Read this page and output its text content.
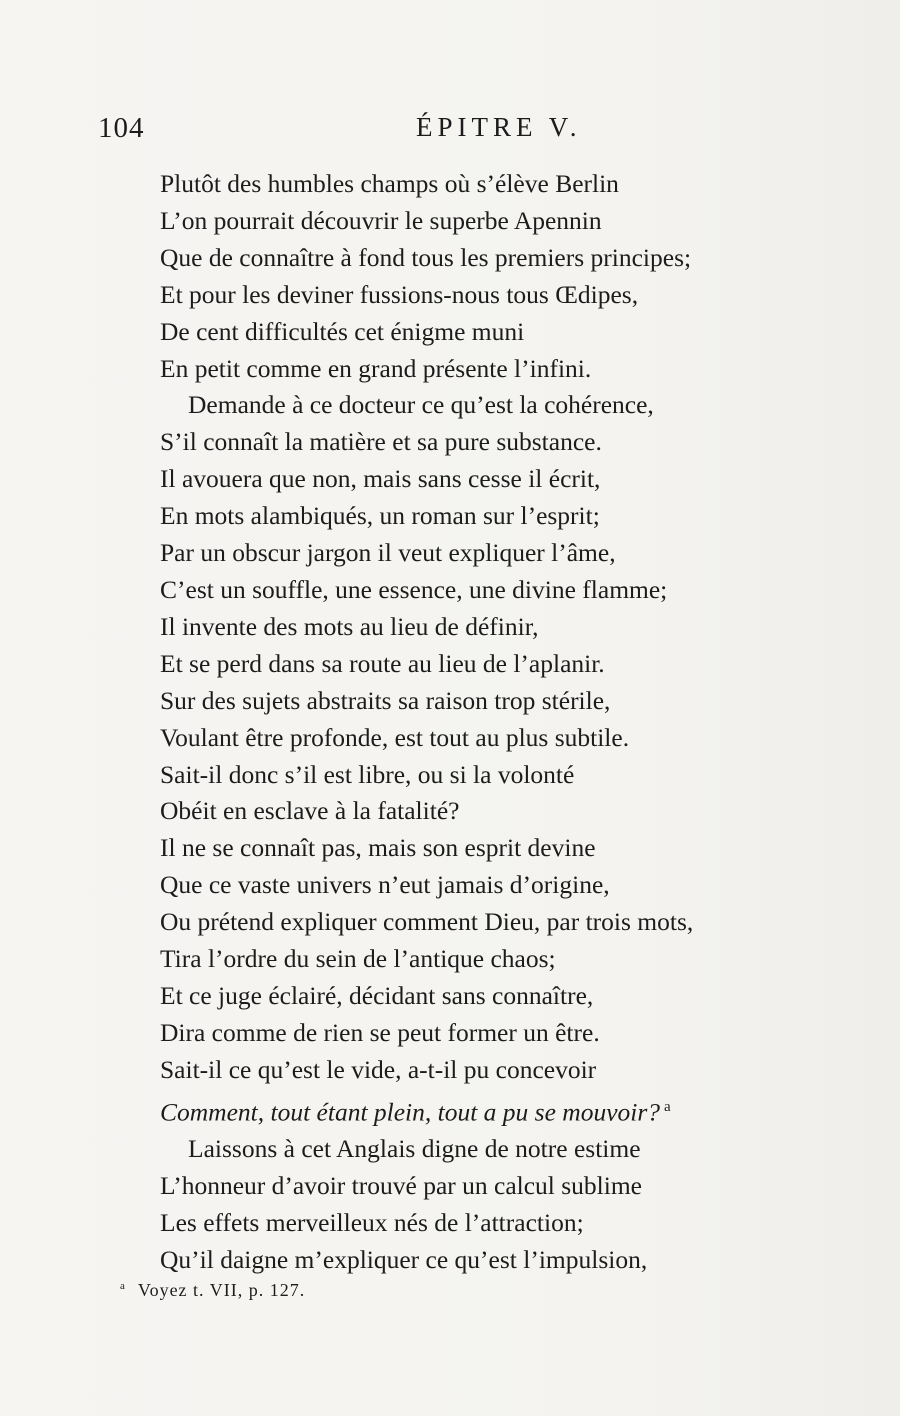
104	ÉPITRE V.
Plutôt des humbles champs où s’élève Berlin
L’on pourrait découvrir le superbe Apennin
Que de connaître à fond tous les premiers principes;
Et pour les deviner fussions-nous tous Œdipes,
De cent difficultés cet énigme muni
En petit comme en grand présente l’infini.
Demande à ce docteur ce qu’est la cohérence,
S’il connaît la matière et sa pure substance.
Il avouera que non, mais sans cesse il écrit,
En mots alambiqués, un roman sur l’esprit;
Par un obscur jargon il veut expliquer l’âme,
C’est un souffle, une essence, une divine flamme;
Il invente des mots au lieu de définir,
Et se perd dans sa route au lieu de l’aplanir.
Sur des sujets abstraits sa raison trop stérile,
Voulant être profonde, est tout au plus subtile.
Sait-il donc s’il est libre, ou si la volonté
Obéit en esclave à la fatalité?
Il ne se connaît pas, mais son esprit devine
Que ce vaste univers n’eut jamais d’origine,
Ou prétend expliquer comment Dieu, par trois mots,
Tira l’ordre du sein de l’antique chaos;
Et ce juge éclairé, décidant sans connaître,
Dira comme de rien se peut former un être.
Sait-il ce qu’est le vide, a-t-il pu concevoir
Comment, tout étant plein, tout a pu se mouvoir? $^a$
Laissons à cet Anglais digne de notre estime
L’honneur d’avoir trouvé par un calcul sublime
Les effets merveilleux nés de l’attraction;
Qu’il daigne m’expliquer ce qu’est l’impulsion,
$^a$ Voyez t. VII, p. 127.
